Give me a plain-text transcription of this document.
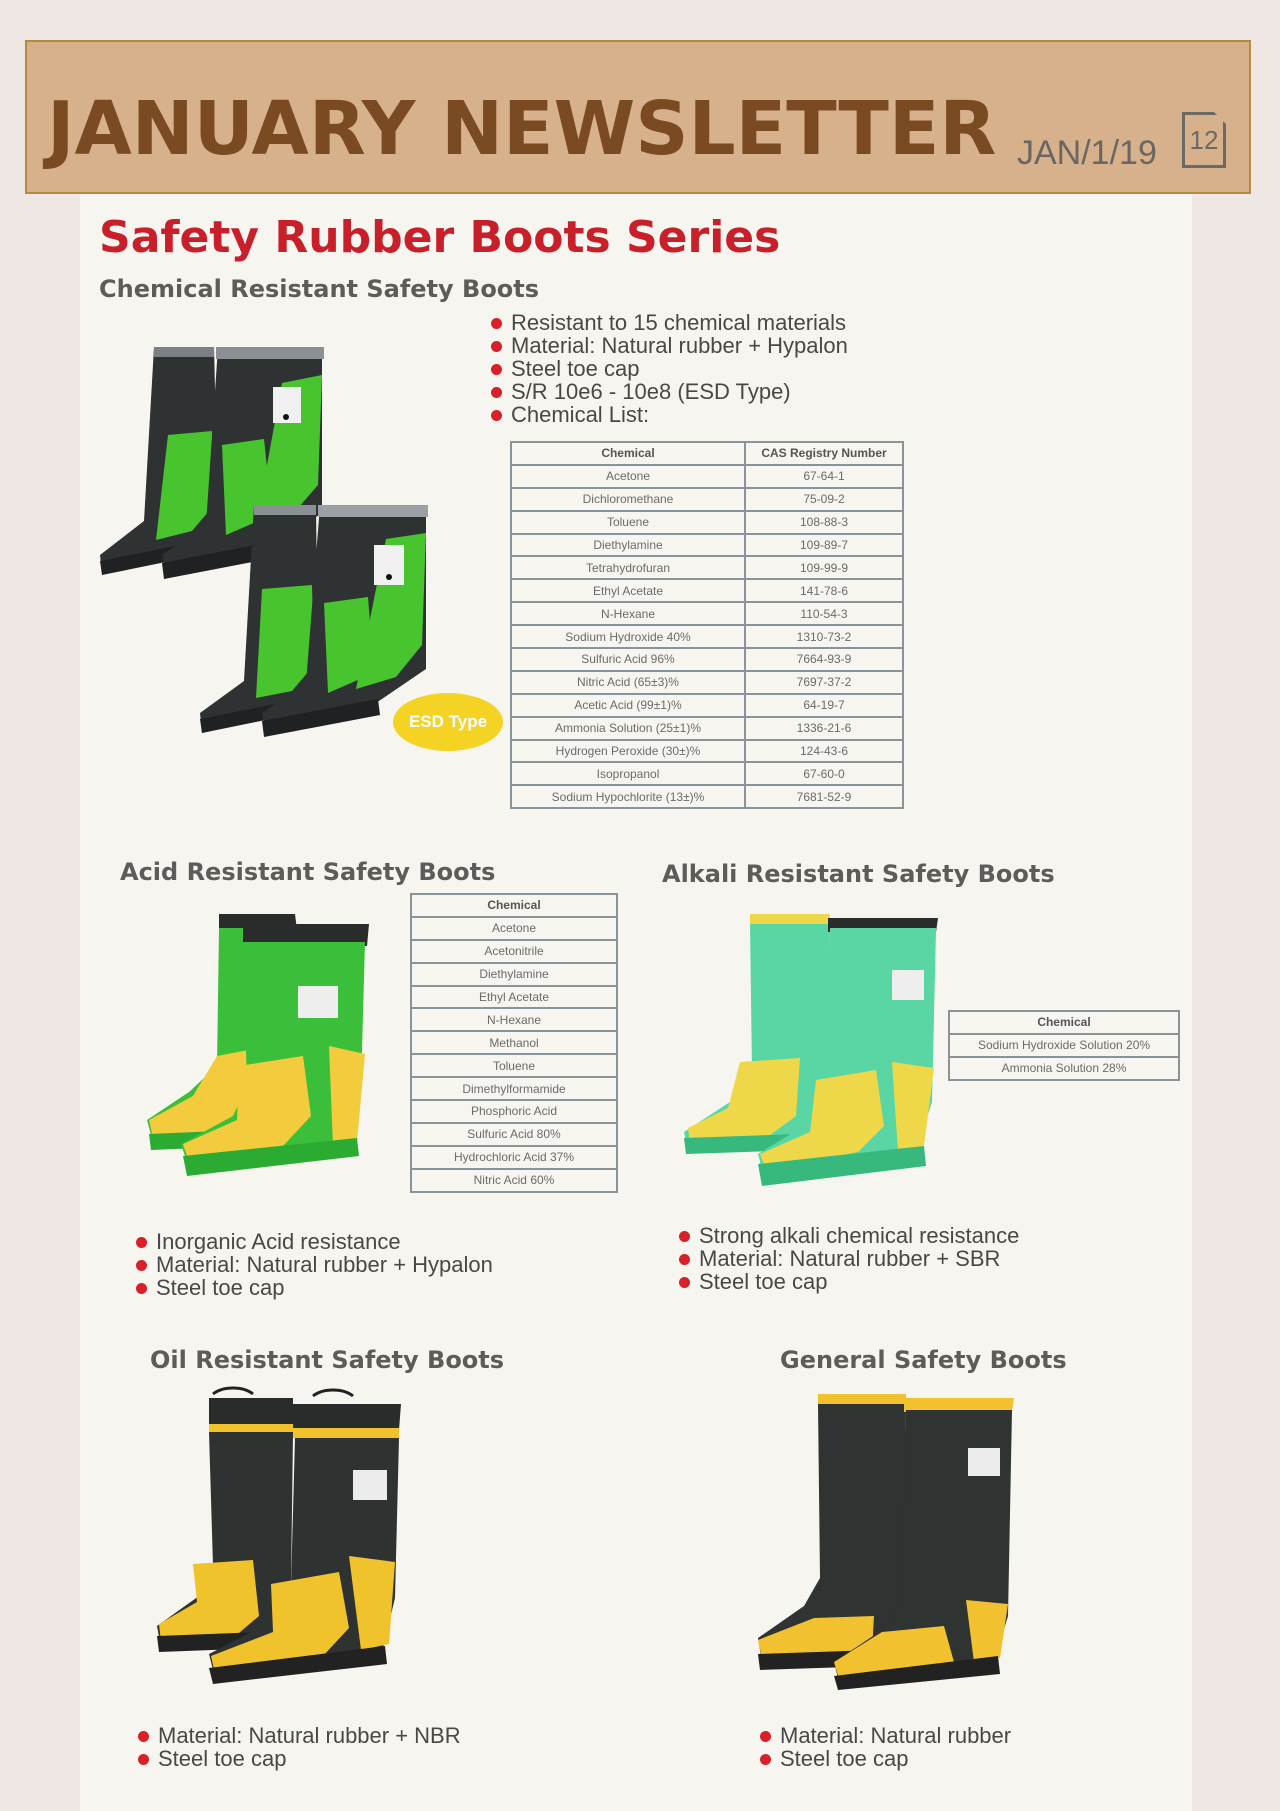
JANUARY NEWSLETTER JAN/1/19 12
Safety Rubber Boots Series
Chemical Resistant Safety Boots
ESD Type
Resistant to 15 chemical materials
Material: Natural rubber + Hypalon
Steel toe cap
S/R 10e6 - 10e8 (ESD Type)
Chemical List:
Chemical	CAS Registry Number
Acetone	67-64-1
Dichloromethane	75-09-2
Toluene	108-88-3
Diethylamine	109-89-7
Tetrahydrofuran	109-99-9
Ethyl Acetate	141-78-6
N-Hexane	110-54-3
Sodium Hydroxide 40%	1310-73-2
Sulfuric Acid 96%	7664-93-9
Nitric Acid (65±3)%	7697-37-2
Acetic Acid (99±1)%	64-19-7
Ammonia Solution (25±1)%	1336-21-6
Hydrogen Peroxide (30±)%	124-43-6
Isopropanol	67-60-0
Sodium Hypochlorite (13±)%	7681-52-9
Acid Resistant Safety Boots
Chemical
Acetone
Acetonitrile
Diethylamine
Ethyl Acetate
N-Hexane
Methanol
Toluene
Dimethylformamide
Phosphoric Acid
Sulfuric Acid 80%
Hydrochloric Acid 37%
Nitric Acid 60%
Inorganic Acid resistance
Material: Natural rubber + Hypalon
Steel toe cap
Alkali Resistant Safety Boots
Chemical
Sodium Hydroxide Solution 20%
Ammonia Solution 28%
Strong alkali chemical resistance
Material: Natural rubber + SBR
Steel toe cap
Oil Resistant Safety Boots
Material: Natural rubber + NBR
Steel toe cap
General Safety Boots
Material: Natural rubber
Steel toe cap
